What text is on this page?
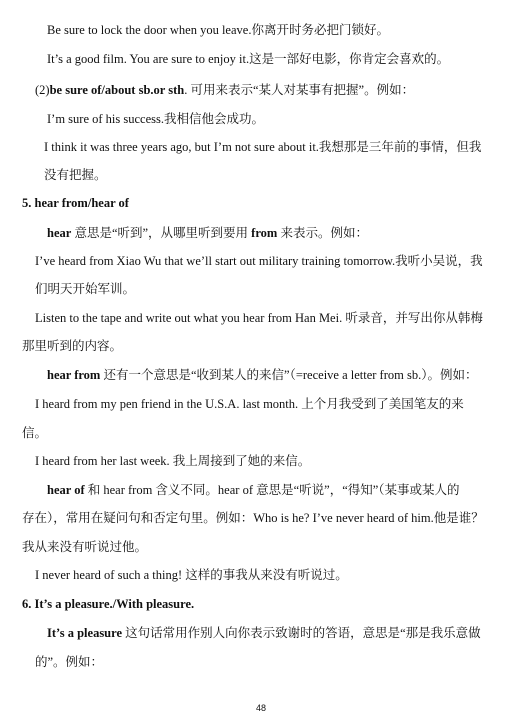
Be sure to lock the door when you leave.你离开时务必把门锁好。
It’s a good film. You are sure to enjoy it.这是一部好电影，你肯定会喜欢的。
(2)be sure of/about sb.or sth. 可用来表示“某人对某事有把握”。例如：
I’m sure of his success.我相信他会成功。
I think it was three years ago, but I’m not sure about it.我想那是三年前的事情，但我
没有把握。
5. hear from/hear of
hear 意思是“听到”，从哪里听到要用 from 来表示。例如：
I’ve heard from Xiao Wu that we’ll start out military training tomorrow.我听小吴说，我
们明天开始军训。
Listen to the tape and write out what you hear from Han Mei. 听录音，并写出你从韩梅
那里听到的内容。
hear from 还有一个意思是“收到某人的来信”（=receive a letter from sb.）。例如：
I heard from my pen friend in the U.S.A. last month. 上个月我受到了美国笔友的来
信。
I heard from her last week. 我上周接到了她的来信。
hear of 和 hear from 含义不同。hear of 意思是“听说”，“得知”（某事或某人的
存在），常用在疑问句和否定句里。例如：Who is he? I’ve never heard of him.他是谁？
我从来没有听说过他。
I never heard of such a thing! 这样的事我从来没有听说过。
6. It’s a pleasure./With pleasure.
It’s a pleasure 这句话常用作别人向你表示致谢时的答语，意思是“那是我乐意做
的”。例如：
48
